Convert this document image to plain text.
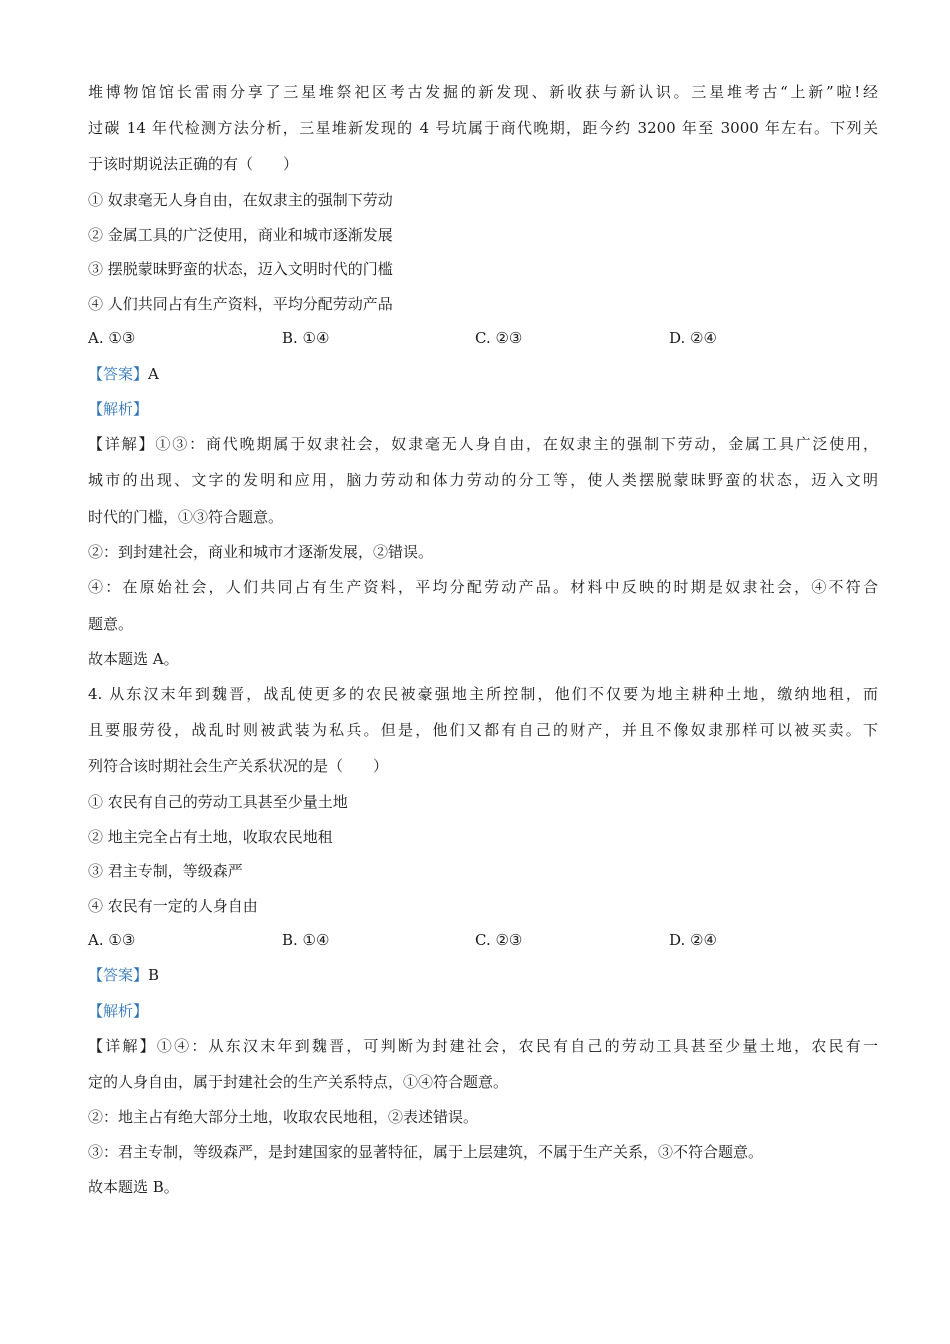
堆博物馆馆长雷雨分享了三星堆祭祀区考古发掘的新发现、新收获与新认识。三星堆考古“上新”啦!经
过碳 14 年代检测方法分析，三星堆新发现的 4 号坑属于商代晚期，距今约 3200 年至 3000 年左右。下列关
于该时期说法正确的有（　　）
① 奴隶毫无人身自由，在奴隶主的强制下劳动
② 金属工具的广泛使用，商业和城市逐渐发展
③ 摆脱蒙昧野蛮的状态，迈入文明时代的门槛
④ 人们共同占有生产资料，平均分配劳动产品
A. ①③	B. ①④	C. ②③	D. ②④
【答案】A
【解析】
【详解】①③：商代晚期属于奴隶社会，奴隶毫无人身自由，在奴隶主的强制下劳动，金属工具广泛使用，
城市的出现、文字的发明和应用，脑力劳动和体力劳动的分工等，使人类摆脱蒙昧野蛮的状态，迈入文明
时代的门槛，①③符合题意。
②：到封建社会，商业和城市才逐渐发展，②错误。
④：在原始社会，人们共同占有生产资料，平均分配劳动产品。材料中反映的时期是奴隶社会，④不符合
题意。
故本题选 A。
4. 从东汉末年到魏晋，战乱使更多的农民被豪强地主所控制，他们不仅要为地主耕种土地，缴纳地租，而
且要服劳役，战乱时则被武装为私兵。但是，他们又都有自己的财产，并且不像奴隶那样可以被买卖。下
列符合该时期社会生产关系状况的是（　　）
① 农民有自己的劳动工具甚至少量土地
② 地主完全占有土地，收取农民地租
③ 君主专制，等级森严
④ 农民有一定的人身自由
A. ①③	B. ①④	C. ②③	D. ②④
【答案】B
【解析】
【详解】①④：从东汉末年到魏晋，可判断为封建社会，农民有自己的劳动工具甚至少量土地，农民有一
定的人身自由，属于封建社会的生产关系特点，①④符合题意。
②：地主占有绝大部分土地，收取农民地租，②表述错误。
③：君主专制，等级森严，是封建国家的显著特征，属于上层建筑，不属于生产关系，③不符合题意。
故本题选 B。
